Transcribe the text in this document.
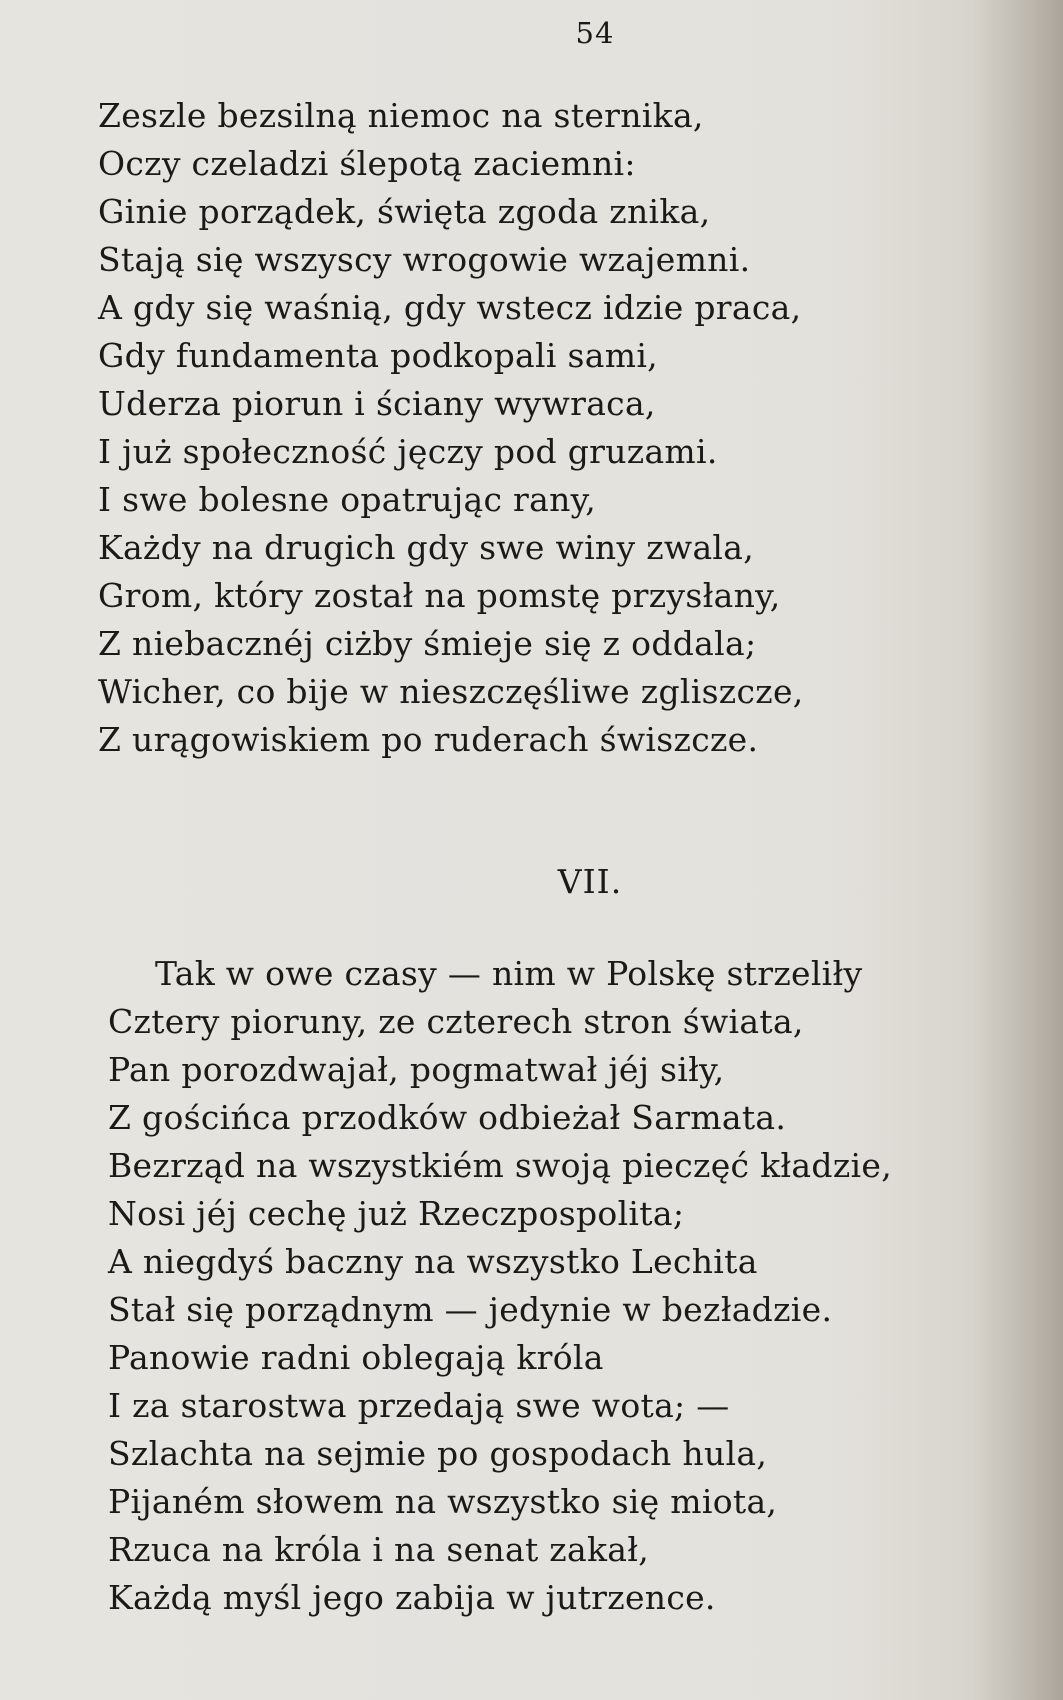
54
Zeszle bezsilną niemoc na sternika,
Oczy czeladzi ślepotą zaciemni:
Ginie porządek, święta zgoda znika,
Stają się wszyscy wrogowie wzajemni.
A gdy się waśnią, gdy wstecz idzie praca,
Gdy fundamenta podkopali sami,
Uderza piorun i ściany wywraca,
I już społeczność jęczy pod gruzami.
I swe bolesne opatrując rany,
Każdy na drugich gdy swe winy zwala,
Grom, który został na pomstę przysłany,
Z niebacznéj ciżby śmieje się z oddala;
Wicher, co bije w nieszczęśliwe zgliszcze,
Z urągowiskiem po ruderach świszcze.
VII.
Tak w owe czasy — nim w Polskę strzeliły
Cztery pioruny, ze czterech stron świata,
Pan porozdwajał, pogmatwał jéj siły,
Z gościńca przodków odbieżał Sarmata.
Bezrząd na wszystkiém swoją pieczęć kładzie,
Nosi jéj cechę już Rzeczpospolita;
A niegdyś baczny na wszystko Lechita
Stał się porządnym — jedynie w bezładzie.
Panowie radni oblegają króla
I za starostwa przedają swe wota; —
Szlachta na sejmie po gospodach hula,
Pijaném słowem na wszystko się miota,
Rzuca na króla i na senat zakał,
Każdą myśl jego zabija w jutrzence.
